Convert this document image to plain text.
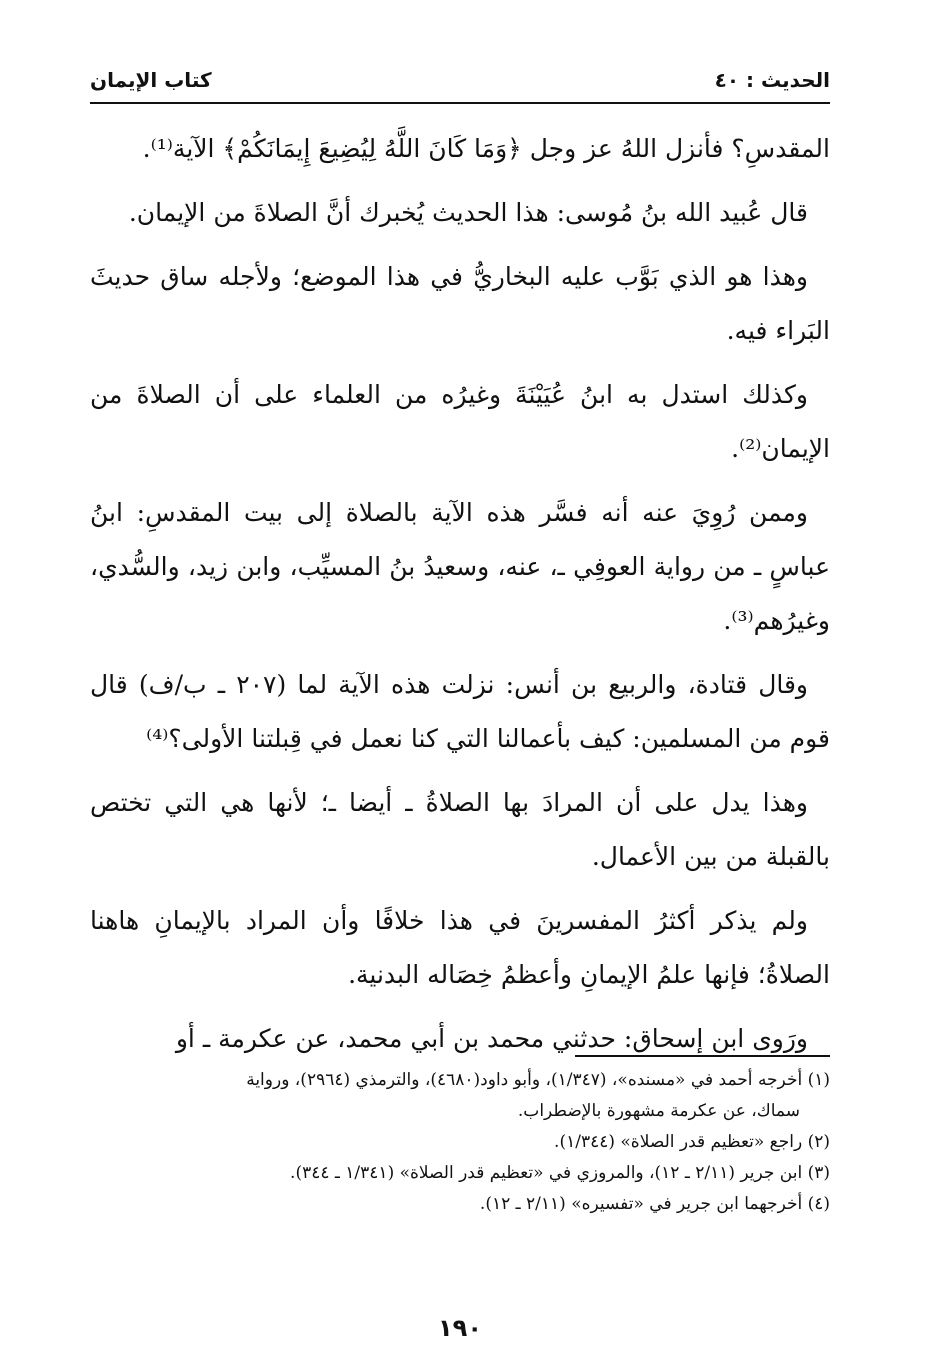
الحديث : ٤٠
كتاب الإيمان

المقدسِ؟ فأنزل اللهُ عز وجل ﴿وَمَا كَانَ اللَّهُ لِيُضِيعَ إِيمَانَكُمْ﴾ الآية⁽¹⁾.

قال عُبيد الله بنُ مُوسى: هذا الحديث يُخبرك أنَّ الصلاةَ من الإيمان.

وهذا هو الذي بَوَّب عليه البخاريُّ في هذا الموضع؛ ولأجله ساق حديثَ البَراء فيه.

وكذلك استدل به ابنُ عُيَيْنَةَ وغيرُه من العلماء على أن الصلاةَ من الإيمان⁽²⁾.

وممن رُوِيَ عنه أنه فسَّر هذه الآية بالصلاة إلى بيت المقدسِ: ابنُ عباسٍ ـ من رواية العوفِي ـ، عنه، وسعيدُ بنُ المسيِّب، وابن زيد، والسُّدي، وغيرُهم⁽³⁾.

وقال قتادة، والربيع بن أنس: نزلت هذه الآية لما (٢٠٧ ـ ب/ف) قال قوم من المسلمين: كيف بأعمالنا التي كنا نعمل في قِبلتنا الأولى؟⁽⁴⁾

وهذا يدل على أن المرادَ بها الصلاةُ ـ أيضا ـ؛ لأنها هي التي تختص بالقبلة من بين الأعمال.

ولم يذكر أكثرُ المفسرينَ في هذا خلافًا وأن المراد بالإيمانِ هاهنا الصلاةُ؛ فإنها علمُ الإيمانِ وأعظمُ خِصَاله البدنية.

ورَوى ابن إسحاق: حدثني محمد بن أبي محمد، عن عكرمة ـ أو

(١) أخرجه أحمد في «مسنده»، (١/٣٤٧)، وأبو داود(٤٦٨٠)، والترمذي (٢٩٦٤)، ورواية

سماك، عن عكرمة مشهورة بالإضطراب.

(٢) راجع «تعظيم قدر الصلاة» (١/٣٤٤).

(٣) ابن جرير (٢/١١ ـ ١٢)، والمروزي في «تعظيم قدر الصلاة» (١/٣٤١ ـ ٣٤٤).

(٤) أخرجهما ابن جرير في «تفسيره» (٢/١١ ـ ١٢).

١٩٠
